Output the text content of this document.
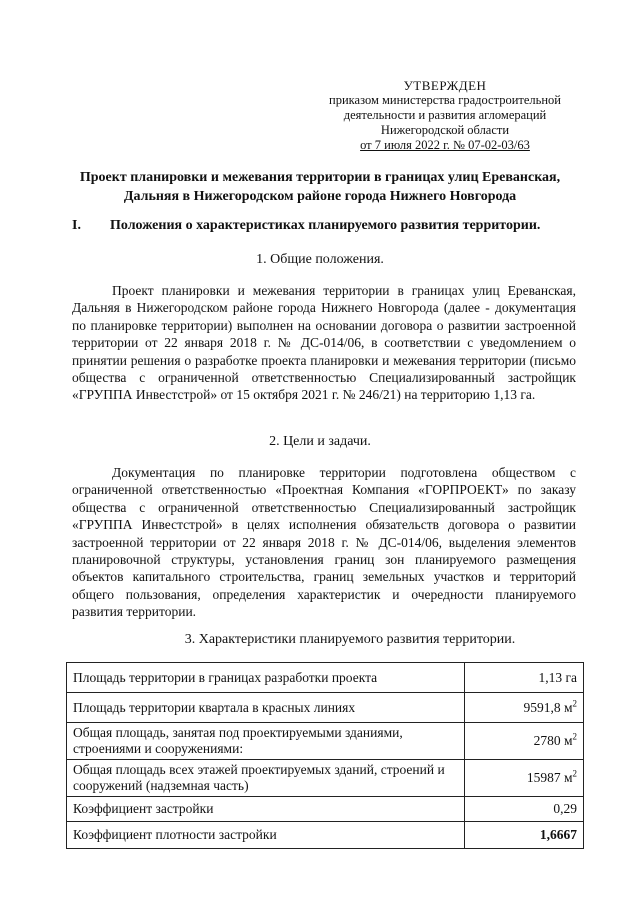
УТВЕРЖДЕН
приказом министерства градостроительной
деятельности и развития агломераций
Нижегородской области
от 7 июля 2022 г. № 07-02-03/63
Проект планировки и межевания территории в границах улиц Ереванская,
Дальняя в Нижегородском районе города Нижнего Новгорода
I. Положения о характеристиках планируемого развития территории.
1. Общие положения.
Проект планировки и межевания территории в границах улиц Ереванская, Дальняя в Нижегородском районе города Нижнего Новгорода (далее - документация по планировке территории) выполнен на основании договора о развитии застроенной территории от 22 января 2018 г. № ДС-014/06, в соответствии с уведомлением о принятии решения о разработке проекта планировки и межевания территории (письмо общества с ограниченной ответственностью Специализированный застройщик «ГРУППА Инвестстрой» от 15 октября 2021 г. № 246/21) на территорию 1,13 га.
2. Цели и задачи.
Документация по планировке территории подготовлена обществом с ограниченной ответственностью «Проектная Компания «ГОРПРОЕКТ» по заказу общества с ограниченной ответственностью Специализированный застройщик «ГРУППА Инвестстрой» в целях исполнения обязательств договора о развитии застроенной территории от 22 января 2018 г. № ДС-014/06, выделения элементов планировочной структуры, установления границ зон планируемого размещения объектов капитального строительства, границ земельных участков и территорий общего пользования, определения характеристик и очередности планируемого развития территории.
3. Характеристики планируемого развития территории.
Площадь территории в границах разработки проекта	1,13 га
Площадь территории квартала в красных линиях	9591,8 $м^2$
Общая площадь, занятая под проектируемыми зданиями, строениями и сооружениями:	2780 $м^2$
Общая площадь всех этажей проектируемых зданий, строений и сооружений (надземная часть)	15987 $м^2$
Коэффициент застройки	0,29
Коэффициент плотности застройки	1,6667
